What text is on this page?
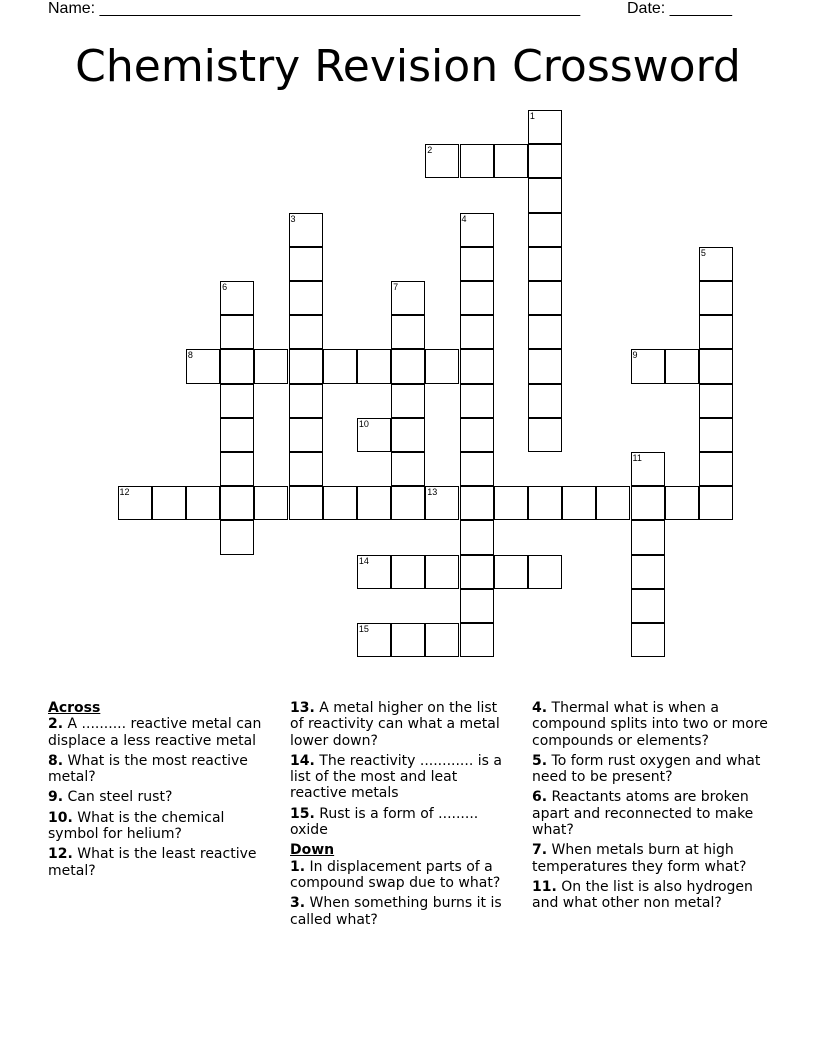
Name: ______________________________________________________	Date: _______
Chemistry Revision Crossword
1
2
3	4
5
6	7
8	9
10
11
12	13
14
15
Across
2. A .......... reactive metal can displace a less reactive metal
8. What is the most reactive metal?
9. Can steel rust?
10. What is the chemical symbol for helium?
12. What is the least reactive metal?
13. A metal higher on the list of reactivity can what a metal lower down?
14. The reactivity ............ is a list of the most and leat reactive metals
15. Rust is a form of ......... oxide
Down
1. In displacement parts of a compound swap due to what?
3. When something burns it is called what?
4. Thermal what is when a compound splits into two or more compounds or elements?
5. To form rust oxygen and what need to be present?
6. Reactants atoms are broken apart and reconnected to make what?
7. When metals burn at high temperatures they form what?
11. On the list is also hydrogen and what other non metal?
